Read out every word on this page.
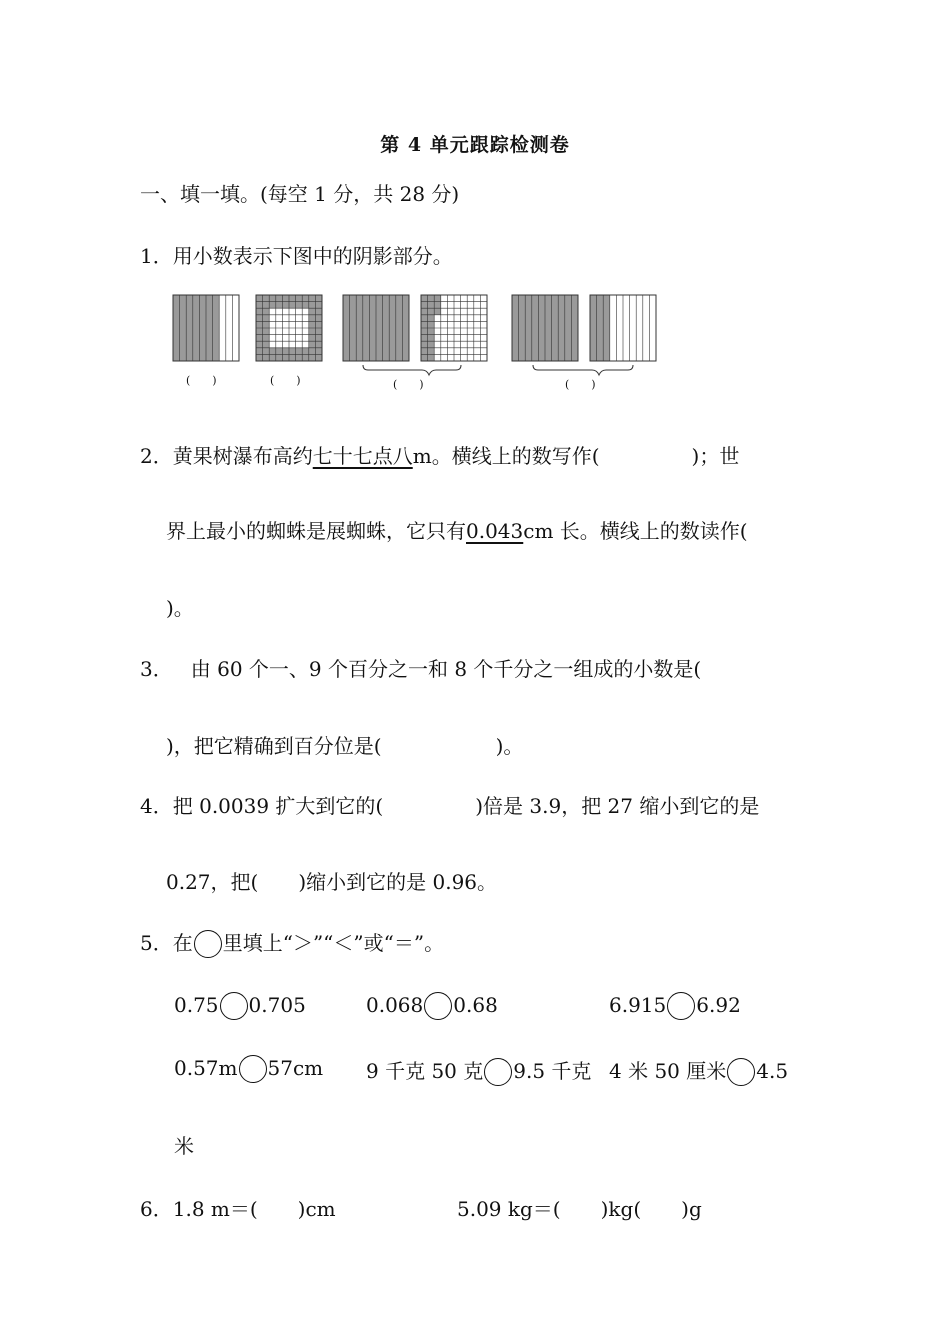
第 4 单元跟踪检测卷
一、填一填。(每空 1 分，共 28 分)
1．用小数表示下图中的阴影部分。
(　　)	(　　)	(　　)	(　　)
2．黄果树瀑布高约七十七点八m。横线上的数写作(	)；世
界上最小的蜘蛛是展蜘蛛，它只有0.043cm 长。横线上的数读作(
)。
3． 由 60 个一、9 个百分之一和 8 个千分之一组成的小数是(
)，把它精确到百分位是(	)。
4．把 0.0039 扩大到它的(	)倍是 3.9，把 27 缩小到它的是
0.27，把(　　)缩小到它的是 0.96。
5．在 里填上“＞”“＜”或“＝”。
0.75 0.705	0.068 0.68	6.915 6.92
0.57m 57cm 9 千克 50 克 9.5 千克 4 米 50 厘米 4.5
米
6．1.8 m＝(　　)cm	5.09 kg＝(　　)kg(　　)g
